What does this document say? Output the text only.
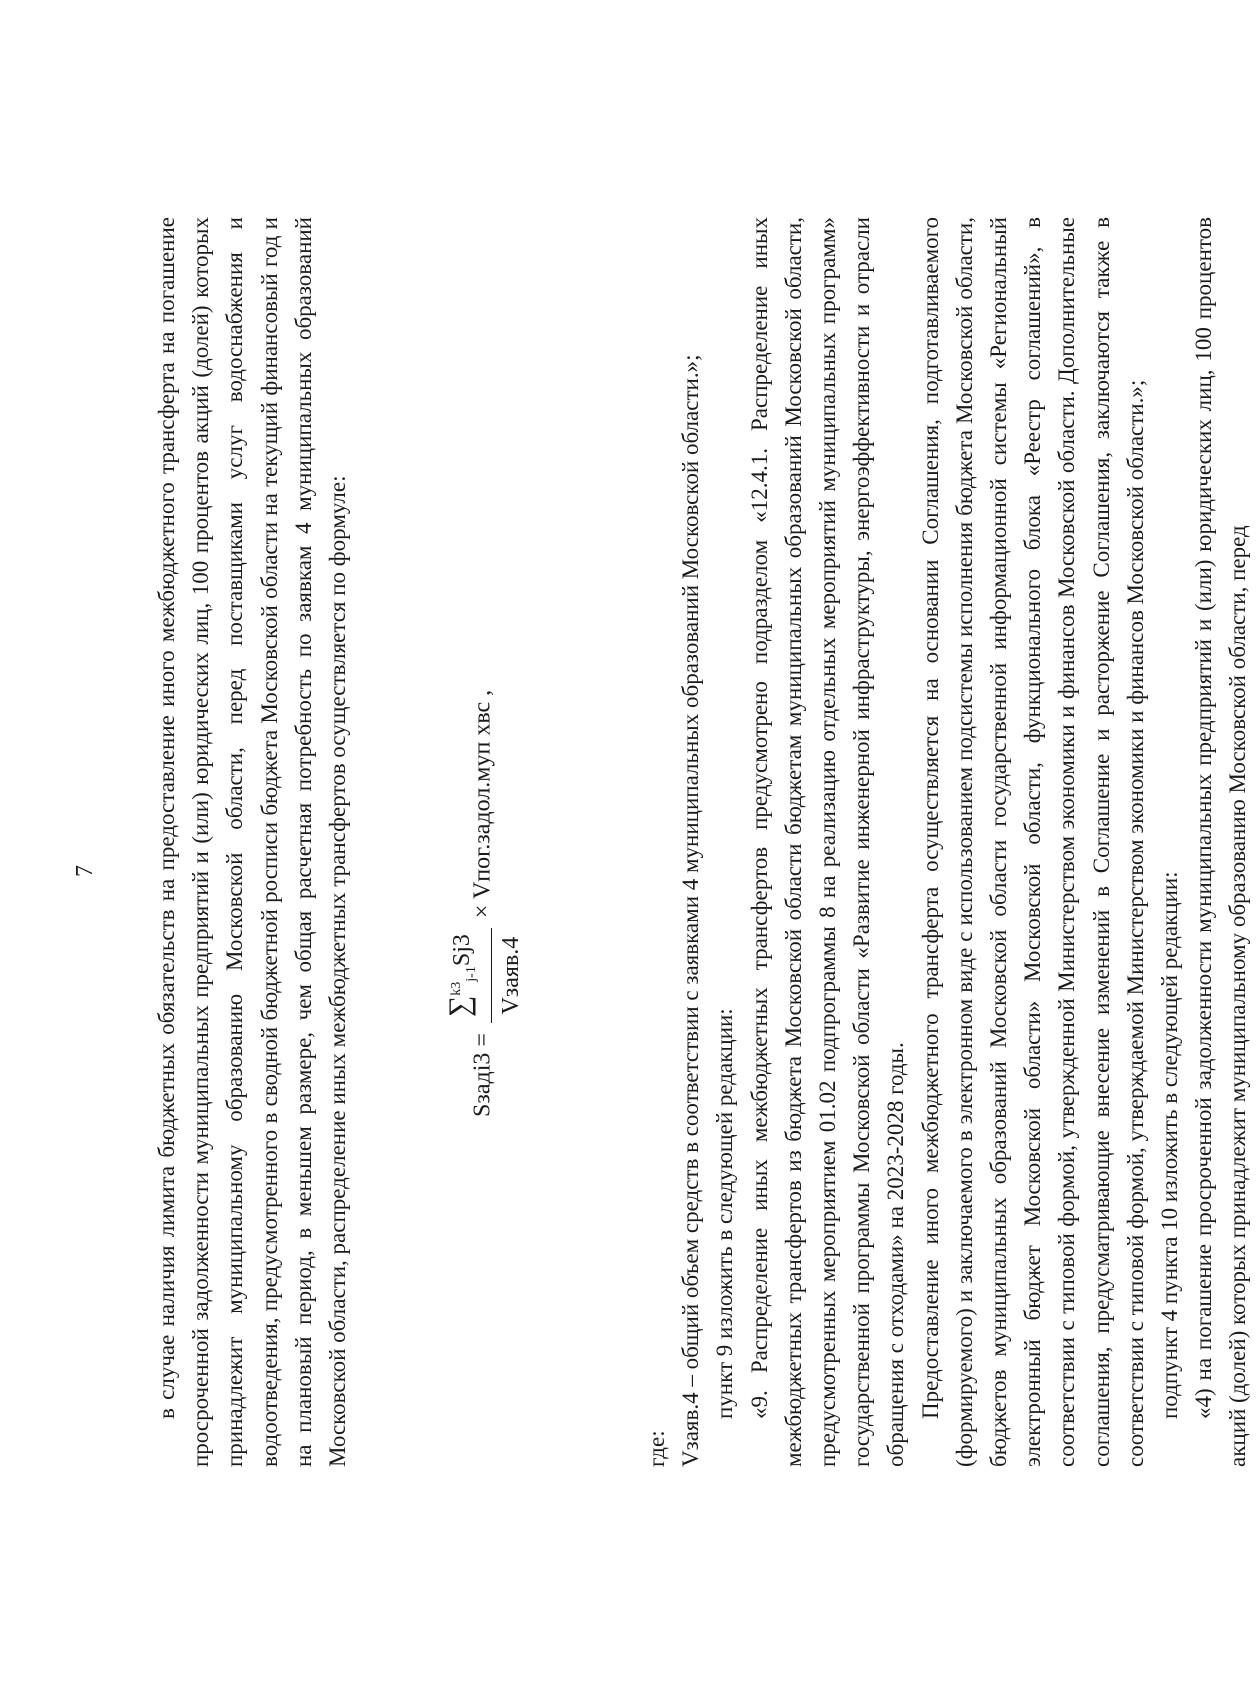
7 в случае наличия лимита бюджетных обязательств на предоставление иного межбюджетного трансферта на погашение просроченной задолженности муниципальных предприятий и (или) юридических лиц, 100 процентов акций (долей) которых принадлежит муниципальному образованию Московской области, перед поставщиками услуг водоснабжения и водоотведения, предусмотренного в сводной бюджетной росписи бюджета Московской области на текущий финансовый год и на плановый период, в меньшем размере, чем общая расчетная потребность по заявкам 4 муниципальных образований Московской области, распределение иных межбюджетных трансфертов осуществляется по формуле:	Sзадi3 =
∑$^{k3}_{j-1}$Sj3 Vзаяв.4
× Vпог.задол.муп хвс ,

где: Vзаяв.4 – общий объем средств в соответствии с заявками 4 муниципальных образований Московской области.»; пункт 9 изложить в следующей редакции: «9. Распределение иных межбюджетных трансфертов предусмотрено подразделом «12.4.1. Распределение иных межбюджетных трансфертов из бюджета Московской области бюджетам муниципальных образований Московской области, предусмотренных мероприятием 01.02 подпрограммы 8 на реализацию отдельных мероприятий муниципальных программ» государственной программы Московской области «Развитие инженерной инфраструктуры, энергоэффективности и отрасли обращения с отходами» на 2023-2028 годы. Предоставление иного межбюджетного трансферта осуществляется на основании Соглашения, подготавливаемого (формируемого) и заключаемого в электронном виде с использованием подсистемы исполнения бюджета Московской области, бюджетов муниципальных образований Московской области государственной информационной системы «Региональный электронный бюджет Московской области» Московской области, функционального блока «Реестр соглашений», в соответствии с типовой формой, утвержденной Министерством экономики и финансов Московской области. Дополнительные соглашения, предусматривающие внесение изменений в Соглашение и расторжение Соглашения, заключаются также в соответствии с типовой формой, утверждаемой Министерством экономики и финансов Московской области.»; подпункт 4 пункта 10 изложить в следующей редакции: «4) на погашение просроченной задолженности муниципальных предприятий и (или) юридических лиц, 100 процентов акций (долей) которых принадлежит муниципальному образованию Московской области, перед
